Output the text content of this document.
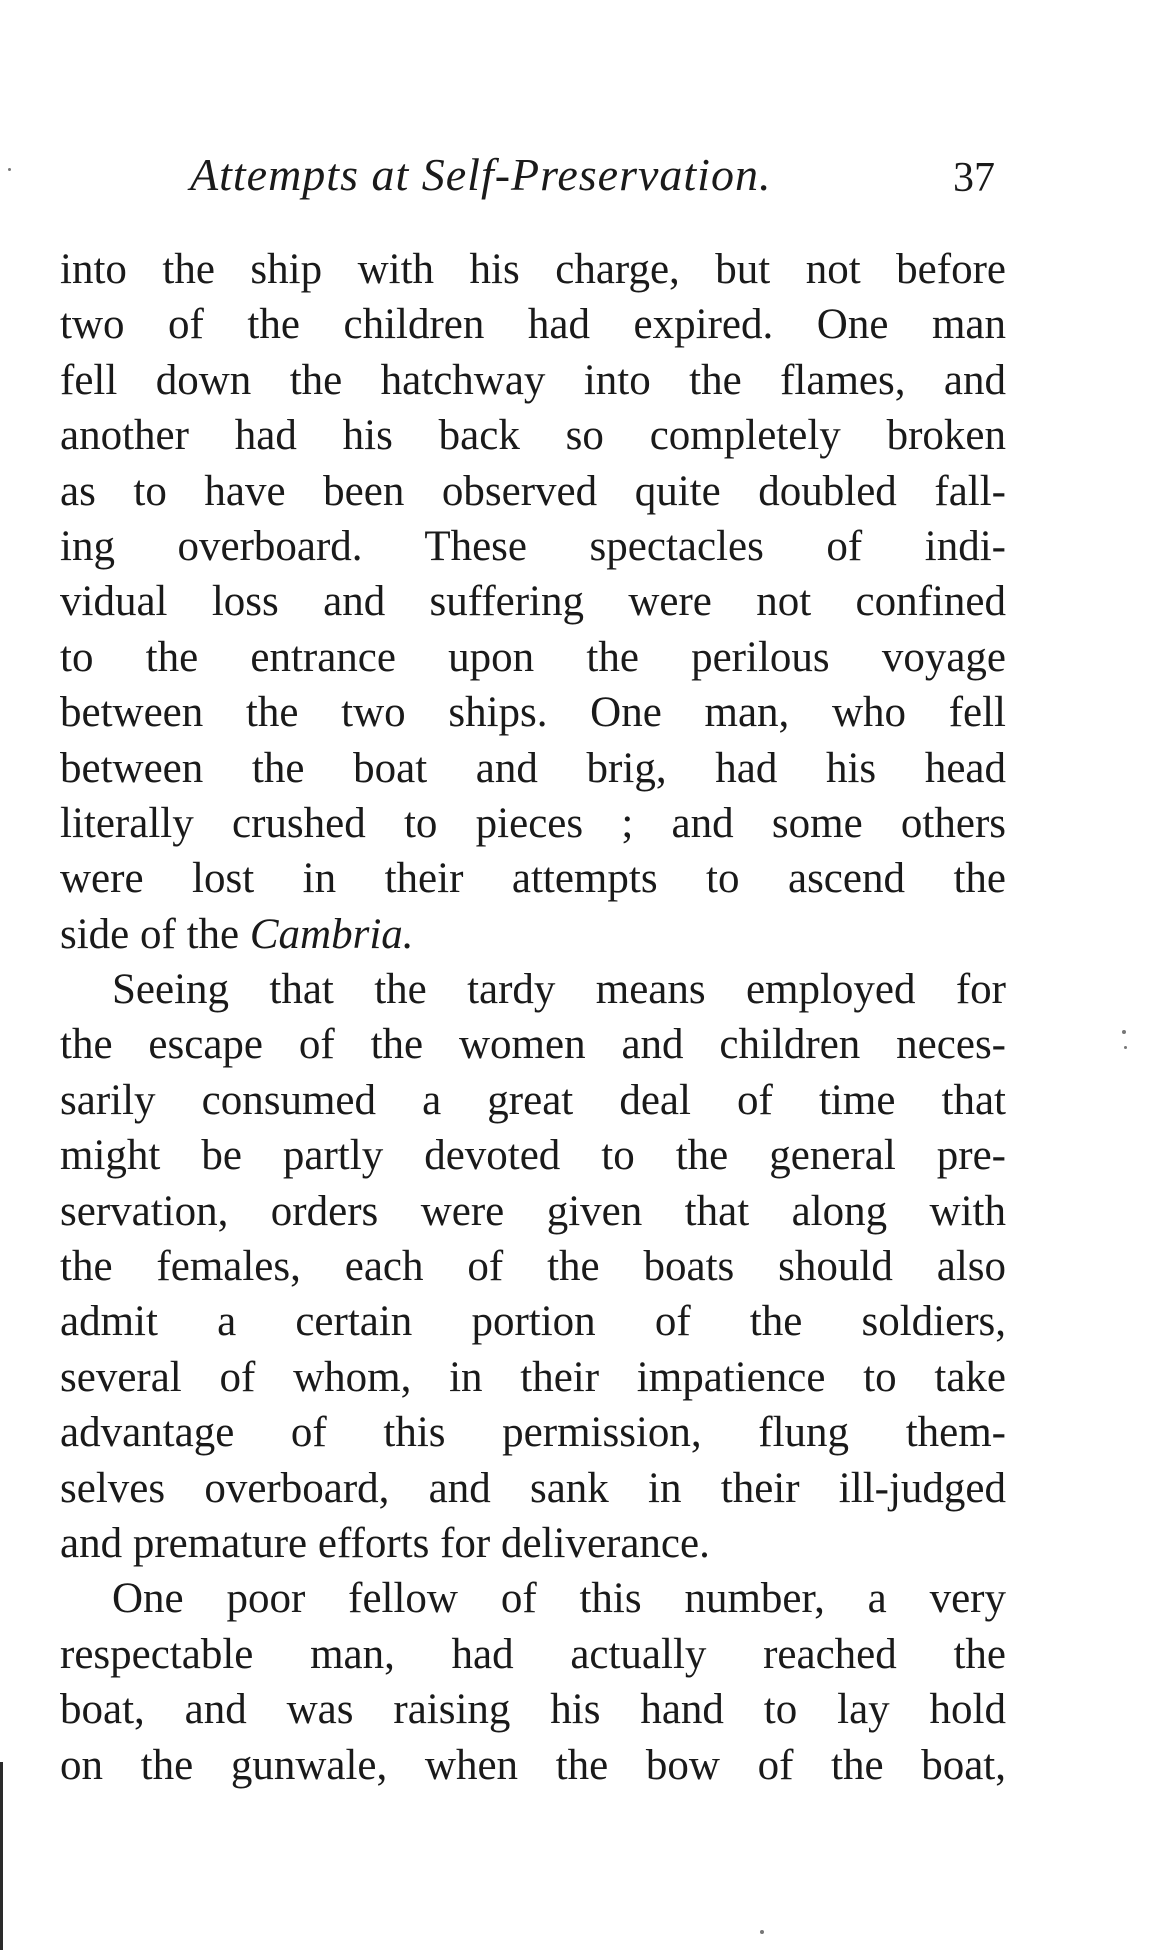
Attempts at Self-Preservation.	37
into the ship with his charge, but not before
two of the children had expired. One man
fell down the hatchway into the flames, and
another had his back so completely broken
as to have been observed quite doubled fall-
ing overboard. These spectacles of indi-
vidual loss and suffering were not confined
to the entrance upon the perilous voyage
between the two ships. One man, who fell
between the boat and brig, had his head
literally crushed to pieces ; and some others
were lost in their attempts to ascend the
side of the Cambria.
Seeing that the tardy means employed for
the escape of the women and children neces-
sarily consumed a great deal of time that
might be partly devoted to the general pre-
servation, orders were given that along with
the females, each of the boats should also
admit a certain portion of the soldiers,
several of whom, in their impatience to take
advantage of this permission, flung them-
selves overboard, and sank in their ill-judged
and premature efforts for deliverance.
One poor fellow of this number, a very
respectable man, had actually reached the
boat, and was raising his hand to lay hold
on the gunwale, when the bow of the boat,
